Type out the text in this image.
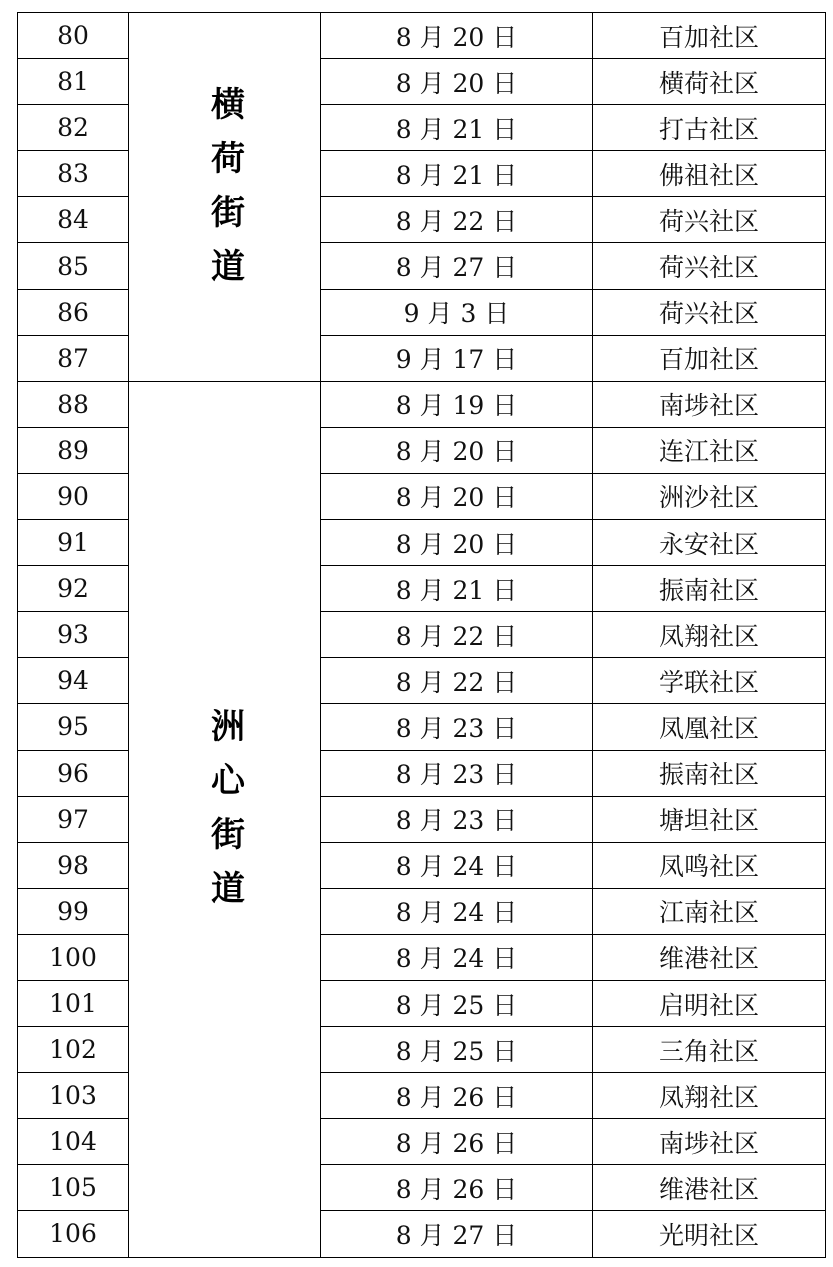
80	横荷街道	8 月 20 日	百加社区
81		8 月 20 日	横荷社区
82		8 月 21 日	打古社区
83		8 月 21 日	佛祖社区
84		8 月 22 日	荷兴社区
85		8 月 27 日	荷兴社区
86		9 月 3 日	荷兴社区
87		9 月 17 日	百加社区
88	洲心街道	8 月 19 日	南埗社区
89		8 月 20 日	连江社区
90		8 月 20 日	洲沙社区
91		8 月 20 日	永安社区
92		8 月 21 日	振南社区
93		8 月 22 日	凤翔社区
94		8 月 22 日	学联社区
95		8 月 23 日	凤凰社区
96		8 月 23 日	振南社区
97		8 月 23 日	塘坦社区
98		8 月 24 日	凤鸣社区
99		8 月 24 日	江南社区
100		8 月 24 日	维港社区
101		8 月 25 日	启明社区
102		8 月 25 日	三角社区
103		8 月 26 日	凤翔社区
104		8 月 26 日	南埗社区
105		8 月 26 日	维港社区
106		8 月 27 日	光明社区
